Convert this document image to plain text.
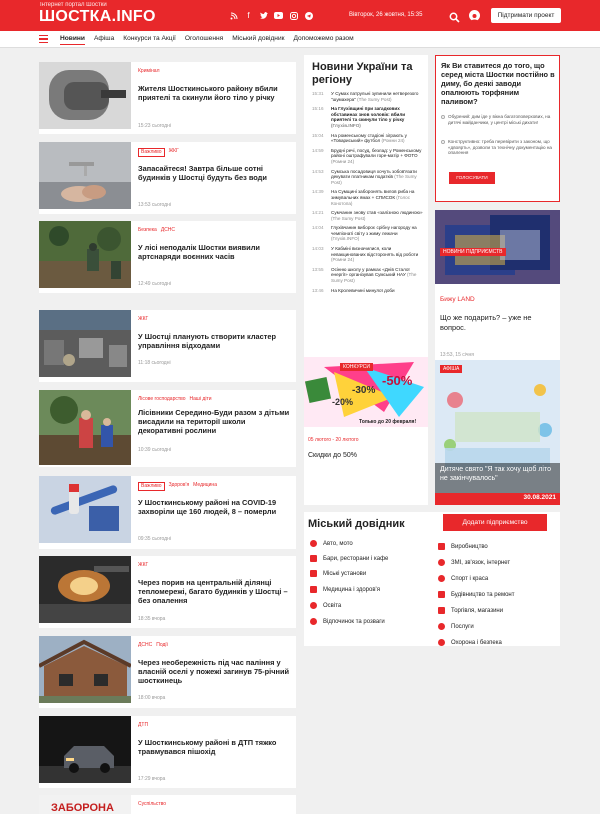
Інтернет портал Шостки
ШОСТКА.INFO	f	Вівторок, 26 жовтня, 15:35	Підтримати проект
Новини Афіша Конкурси та Акції Оголошення Міський довідник Допоможемо разом
Кримінал
Жителя Шосткинського району вбили приятелі та скинули його тіло у річку
15:23 сьогодні
Важливо	ЖКГ
Запасайтеся! Завтра більше сотні будинків у Шостці будуть без води
13:53 сьогодні
Безпека ДСНС
У лісі неподалік Шостки виявили артснаряди воєнних часів
12:49 сьогодні
ЖКГ
У Шостці планують створити кластер управління відходами
11:18 сьогодні
Лісове господарство Наші діти
Лісівники Середино-Буди разом з дітьми висадили на території школи декоративні рослини
10:39 сьогодні
Важливо	Здоров'я Медицина
У Шосткинському районі на COVID-19 захворіли ще 160 людей, 8 – померли
09:35 сьогодні
ЖКГ
Через порив на центральній ділянці тепломережі, багато будинків у Шостці – без опалення
18:35 вчора
ДСНС Події
Через необережність під час паління у власній оселі у пожежі загинув 75-річний шосткинець
18:00 вчора
ДТП
У Шосткинському районі в ДТП тяжко травмувався пішохід
17:29 вчора
ЗАБОРОНА	Суспільство
Новини України та регіону
15:31	У Сумах патрульні зупинили нетверезого "шумахера" (The Sumy Post)
15:16	На Глухівщині при загадкових обставинах знов чоловік: вбили приятелі та скинули тіло у річку (Глухів.INFO)
15:04	На роменському стадіоні зіграють у «Товариський» футбол (Ромни 24)
14:59	Брудні речі, посуд, безлад: у Роменському районі оштрафували горе-матір + ФОТО (Ромни 24)
14:53	Сумська посадовиця хочуть зобов'язати декувати платникам податків (The Sumy Post)
14:39	На Сумщині заборонять вилов риба на зимувальних ямах + СПИСОК (Голос Конотопа)
14:21	Сумчанин знову став «залізною людиною» (The Sumy Post)
14:04	Глухівчанин вибороє срібну нагороду на чемпіонаті світу з жиму лежачи (Глухів.INFO)
14:03	У Кабміні визначилися, коли невакцинованих відсторонять від роботи (Ромни 24)
13:55	Осінню школу у рамках «Днів Сталої енергії» організував Сумський НАУ (The Sumy Post)
13:46	На Кролевичині минулої доби
-50%
-30%
-20%
Только до 20 февраля!
КОНКУРСИ
05 лютого - 20 лютого
Скидки до 50%
Як Ви ставитеся до того, що серед міста Шостки постійно в диму, бо деякі заводи опалюють торфяним паливом?
Обурений: дим іде у вікна багатоповерхових, на дитячі майданчики, у центрі міські дихати!
Конструктивно: треба перевірити з законом, що «двоярть», дозволи та технічну документацію на опалення
ГОЛОСУВАТИ
НОВИНИ ПІДПРИЄМСТВ
Бижу LAND
Що же подарить? – уже не вопрос.
13:53, 15 січня
АФІША
Дитяче свято "Я так хочу щоб літо не закінчувалось"
30.08.2021
Міський довідник	Додати підприємство
Авто, мото
Бари, ресторани і кафе
Міські установи
Медицина і здоров'я
Освіта
Відпочинок та розваги
Виробництво
ЗМІ, зв'язок, інтернет
Спорт і краса
Будівництво та ремонт
Торгівля, магазини
Послуги
Охорона і безпека
